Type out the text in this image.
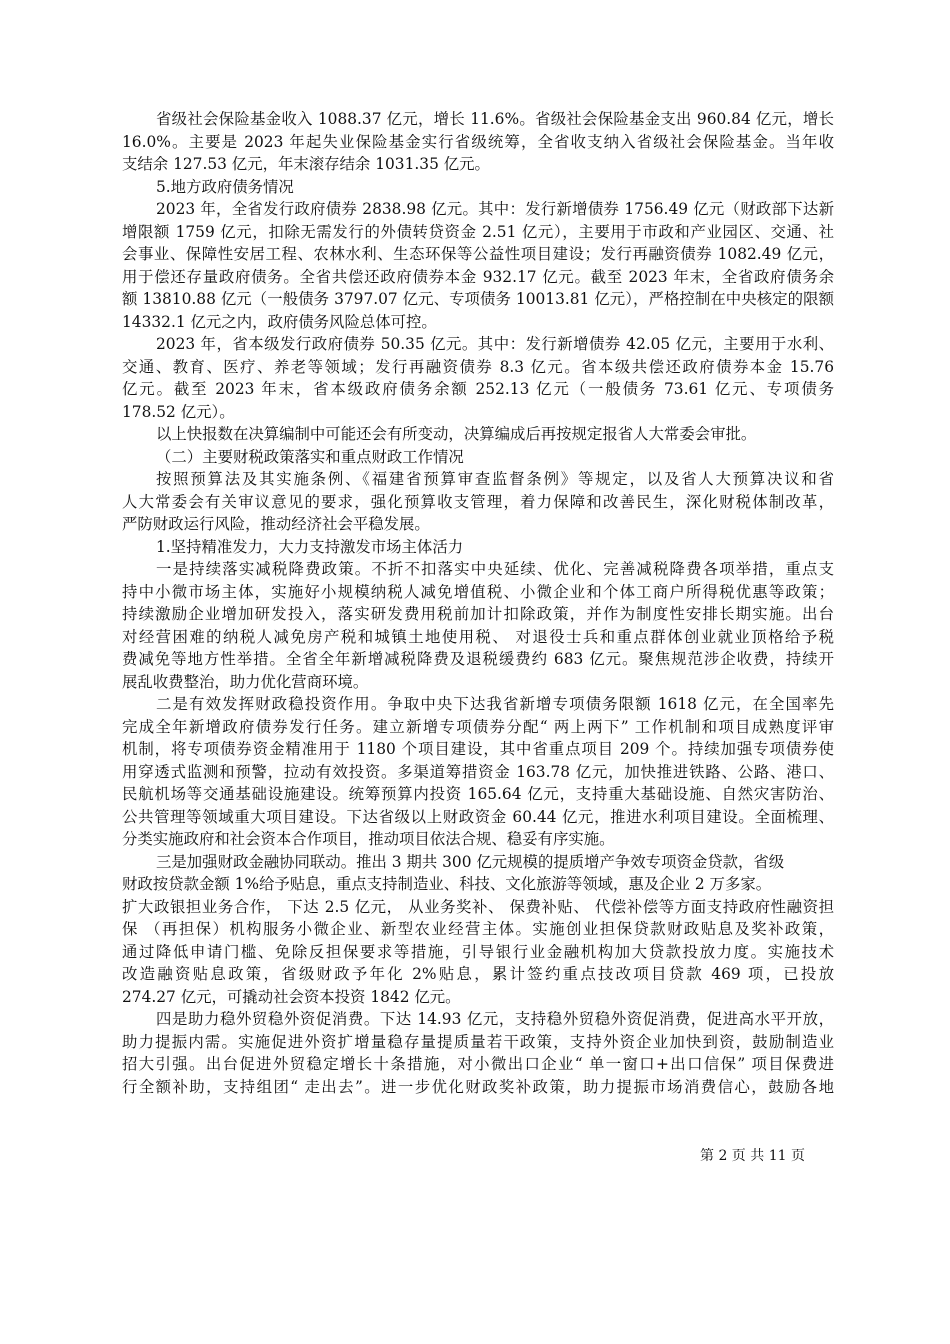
省级社会保险基金收入 1088.37 亿元，增长 11.6%。省级社会保险基金支出 960.84 亿元，增长
16.0%。主要是 2023 年起失业保险基金实行省级统筹，全省收支纳入省级社会保险基金。当年收
支结余 127.53 亿元，年末滚存结余 1031.35 亿元。
5.地方政府债务情况
2023 年，全省发行政府债券 2838.98 亿元。其中：发行新增债券 1756.49 亿元（财政部下达新
增限额 1759 亿元，扣除无需发行的外债转贷资金 2.51 亿元），主要用于市政和产业园区、交通、社
会事业、保障性安居工程、农林水利、生态环保等公益性项目建设；发行再融资债券 1082.49 亿元，
用于偿还存量政府债务。全省共偿还政府债券本金 932.17 亿元。截至 2023 年末，全省政府债务余
额 13810.88 亿元（一般债务 3797.07 亿元、专项债务 10013.81 亿元），严格控制在中央核定的限额
14332.1 亿元之内，政府债务风险总体可控。
2023 年，省本级发行政府债券 50.35 亿元。其中：发行新增债券 42.05 亿元，主要用于水利、
交通、教育、医疗、养老等领域；发行再融资债券 8.3 亿元。省本级共偿还政府债券本金 15.76
亿元。截至 2023 年末，省本级政府债务余额 252.13 亿元（一般债务 73.61 亿元、专项债务
178.52 亿元）。
以上快报数在决算编制中可能还会有所变动，决算编成后再按规定报省人大常委会审批。
（二）主要财税政策落实和重点财政工作情况
按照预算法及其实施条例、《福建省预算审查监督条例》等规定，以及省人大预算决议和省
人大常委会有关审议意见的要求，强化预算收支管理，着力保障和改善民生，深化财税体制改革，
严防财政运行风险，推动经济社会平稳发展。
1.坚持精准发力，大力支持激发市场主体活力
一是持续落实减税降费政策。不折不扣落实中央延续、优化、完善减税降费各项举措，重点支
持中小微市场主体，实施好小规模纳税人减免增值税、小微企业和个体工商户所得税优惠等政策；
持续激励企业增加研发投入，落实研发费用税前加计扣除政策，并作为制度性安排长期实施。出台
对经营困难的纳税人减免房产税和城镇土地使用税、 对退役士兵和重点群体创业就业顶格给予税
费减免等地方性举措。全省全年新增减税降费及退税缓费约 683 亿元。聚焦规范涉企收费，持续开
展乱收费整治，助力优化营商环境。
二是有效发挥财政稳投资作用。争取中央下达我省新增专项债务限额 1618 亿元，在全国率先
完成全年新增政府债券发行任务。建立新增专项债券分配“ 两上两下” 工作机制和项目成熟度评审
机制，将专项债券资金精准用于 1180 个项目建设，其中省重点项目 209 个。持续加强专项债券使
用穿透式监测和预警，拉动有效投资。多渠道筹措资金 163.78 亿元，加快推进铁路、公路、港口、
民航机场等交通基础设施建设。统筹预算内投资 165.64 亿元，支持重大基础设施、自然灾害防治、
公共管理等领域重大项目建设。下达省级以上财政资金 60.44 亿元，推进水利项目建设。全面梳理、
分类实施政府和社会资本合作项目，推动项目依法合规、稳妥有序实施。
三是加强财政金融协同联动。推出 3 期共 300 亿元规模的提质增产争效专项资金贷款，省级
财政按贷款金额 1%给予贴息，重点支持制造业、科技、文化旅游等领域，惠及企业 2 万多家。
扩大政银担业务合作， 下达 2.5 亿元， 从业务奖补、 保费补贴、 代偿补偿等方面支持政府性融资担
保 （再担保）机构服务小微企业、新型农业经营主体。实施创业担保贷款财政贴息及奖补政策，
通过降低申请门槛、免除反担保要求等措施，引导银行业金融机构加大贷款投放力度。实施技术
改造融资贴息政策，省级财政予年化 2%贴息，累计签约重点技改项目贷款 469 项，已投放
274.27 亿元，可撬动社会资本投资 1842 亿元。
四是助力稳外贸稳外资促消费。下达 14.93 亿元，支持稳外贸稳外资促消费，促进高水平开放，
助力提振内需。实施促进外资扩增量稳存量提质量若干政策，支持外资企业加快到资，鼓励制造业
招大引强。出台促进外贸稳定增长十条措施，对小微出口企业“ 单一窗口+出口信保” 项目保费进
行全额补助，支持组团“ 走出去”。进一步优化财政奖补政策，助力提振市场消费信心，鼓励各地
第 2 页 共 11 页
